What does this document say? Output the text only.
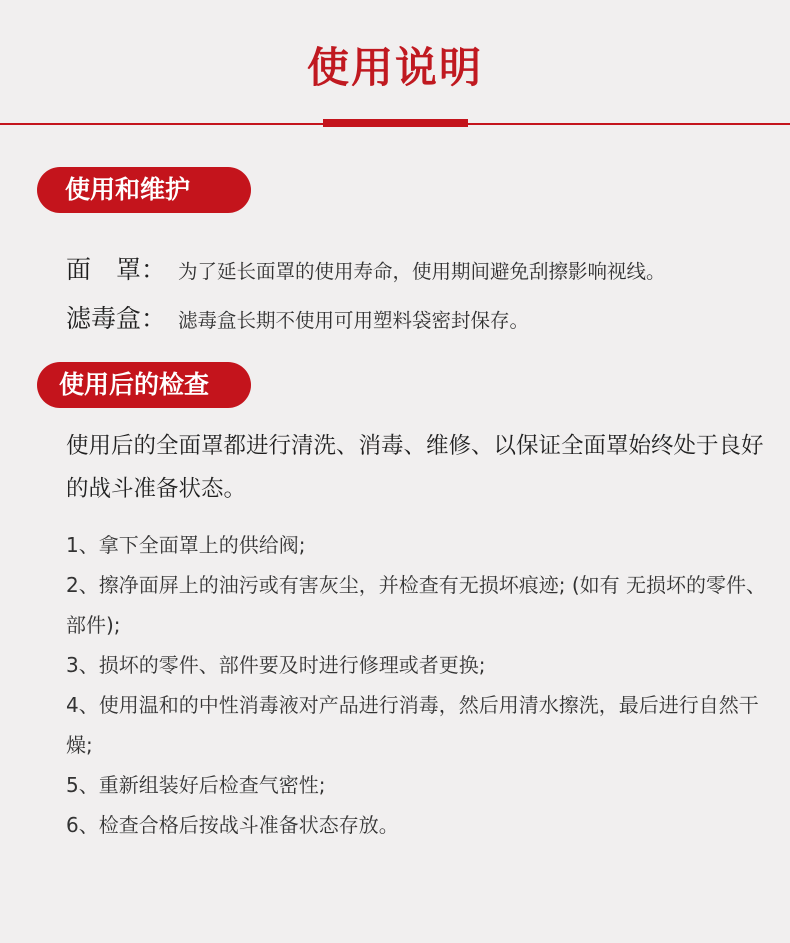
使用说明
使用和维护
面　罩： 为了延长面罩的使用寿命，使用期间避免刮擦影响视线。
滤毒盒： 滤毒盒长期不使用可用塑料袋密封保存。
使用后的检查
使用后的全面罩都进行清洗、消毒、维修、以保证全面罩始终处于良好的战斗准备状态。

1、拿下全面罩上的供给阀;

2、擦净面屏上的油污或有害灰尘，并检查有无损坏痕迹; (如有 无损坏的零件、部件);

3、损坏的零件、部件要及时进行修理或者更换;

4、使用温和的中性消毒液对产品进行消毒，然后用清水擦洗，最后进行自然干燥;

5、重新组装好后检查气密性;

6、检查合格后按战斗准备状态存放。
